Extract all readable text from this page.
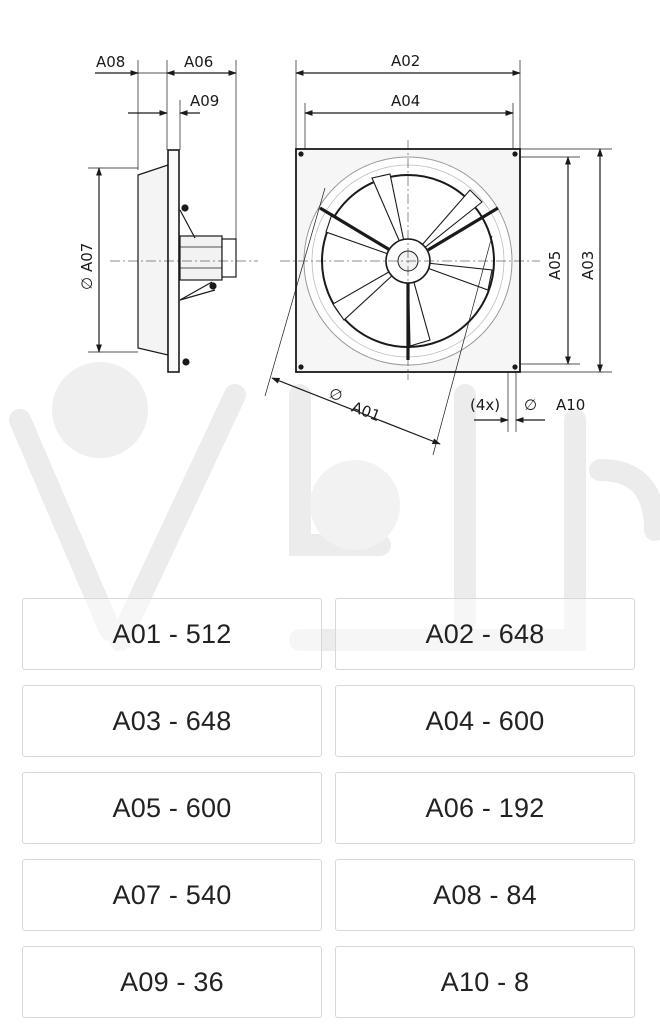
A08	A06
A09
A02
A04
∅
A07	A05 A03
∅
A01	(4x) ∅ A10
A01 - 512	A02 - 648
A03 - 648	A04 - 600
A05 - 600	A06 - 192
A07 - 540	A08 - 84
A09 - 36	A10 - 8
